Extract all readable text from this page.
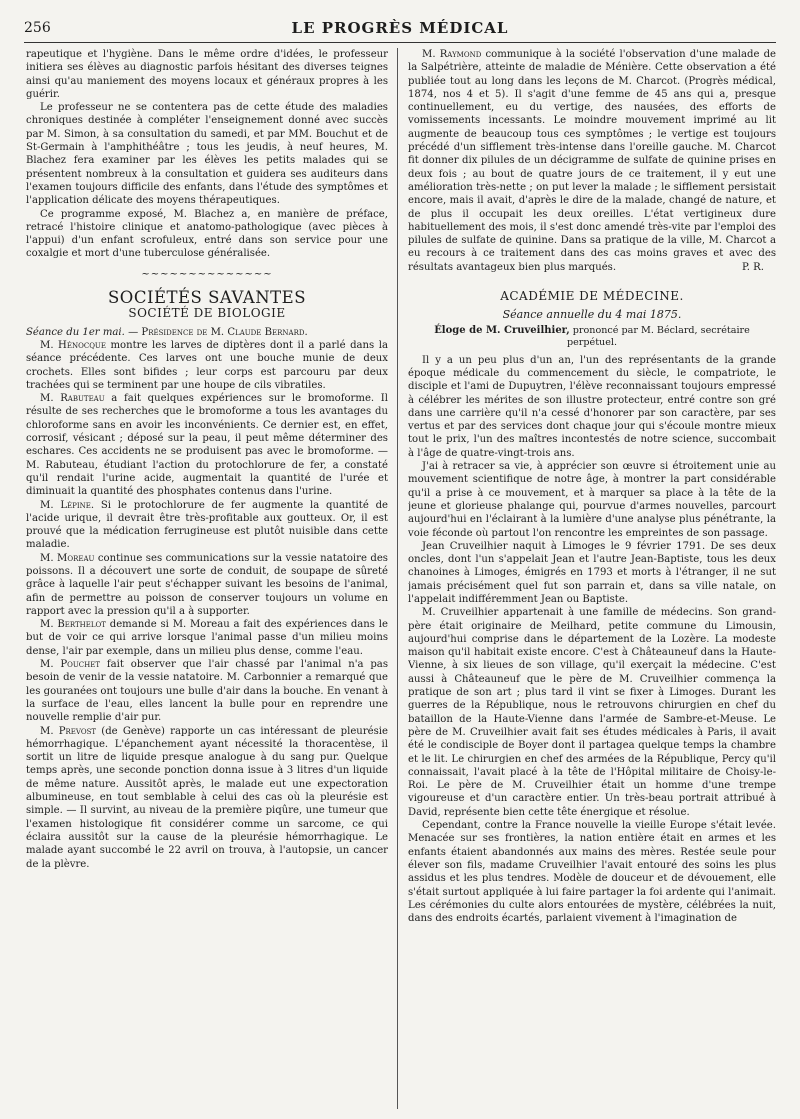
256	LE PROGRÈS MÉDICAL

rapeutique et l'hygiène. Dans le même ordre d'idées, le professeur initiera ses élèves au diagnostic parfois hésitant des diverses teignes ainsi qu'au maniement des moyens locaux et généraux propres à les guérir.

Le professeur ne se contentera pas de cette étude des maladies chroniques destinée à compléter l'enseignement donné avec succès par M. Simon, à sa consultation du samedi, et par MM. Bouchut et de St-Germain à l'amphithéâtre ; tous les jeudis, à neuf heures, M. Blachez fera examiner par les élèves les petits malades qui se présentent nombreux à la consultation et guidera ses auditeurs dans l'examen toujours difficile des enfants, dans l'étude des symptômes et l'application délicate des moyens thérapeutiques.

Ce programme exposé, M. Blachez a, en manière de préface, retracé l'histoire clinique et anatomo-pathologique (avec pièces à l'appui) d'un enfant scrofuleux, entré dans son service pour une coxalgie et mort d'une tuberculose généralisée.

~~~~~~~~~~~~~~
SOCIÉTÉS SAVANTES
SOCIÉTÉ DE BIOLOGIE

Séance du 1er mai. — Présidence de M. Claude Bernard.

M. Hénocque montre les larves de diptères dont il a parlé dans la séance précédente. Ces larves ont une bouche munie de deux crochets. Elles sont bifides ; leur corps est parcouru par deux trachées qui se terminent par une houpe de cils vibratiles.

M. Rabuteau a fait quelques expériences sur le bromoforme. Il résulte de ses recherches que le bromoforme a tous les avantages du chloroforme sans en avoir les inconvénients. Ce dernier est, en effet, corrosif, vésicant ; déposé sur la peau, il peut même déterminer des eschares. Ces accidents ne se produisent pas avec le bromoforme. — M. Rabuteau, étudiant l'action du protochlorure de fer, a constaté qu'il rendait l'urine acide, augmentait la quantité de l'urée et diminuait la quantité des phosphates contenus dans l'urine.

M. Lépine. Si le protochlorure de fer augmente la quantité de l'acide urique, il devrait être très-profitable aux goutteux. Or, il est prouvé que la médication ferrugineuse est plutôt nuisible dans cette maladie.

M. Moreau continue ses communications sur la vessie natatoire des poissons. Il a découvert une sorte de conduit, de soupape de sûreté grâce à laquelle l'air peut s'échapper suivant les besoins de l'animal, afin de permettre au poisson de conserver toujours un volume en rapport avec la pression qu'il a à supporter.

M. Berthelot demande si M. Moreau a fait des expériences dans le but de voir ce qui arrive lorsque l'animal passe d'un milieu moins dense, l'air par exemple, dans un milieu plus dense, comme l'eau.

M. Pouchet fait observer que l'air chassé par l'animal n'a pas besoin de venir de la vessie natatoire. M. Carbonnier a remarqué que les gouranées ont toujours une bulle d'air dans la bouche. En venant à la surface de l'eau, elles lancent la bulle pour en reprendre une nouvelle remplie d'air pur.

M. Prevost (de Genève) rapporte un cas intéressant de pleurésie hémorrhagique. L'épanchement ayant nécessité la thoracentèse, il sortit un litre de liquide presque analogue à du sang pur. Quelque temps après, une seconde ponction donna issue à 3 litres d'un liquide de même nature. Aussitôt après, le malade eut une expectoration albumineuse, en tout semblable à celui des cas où la pleurésie est simple. — Il survint, au niveau de la première piqûre, une tumeur que l'examen histologique fit considérer comme un sarcome, ce qui éclaira aussitôt sur la cause de la pleurésie hémorrhagique. Le malade ayant succombé le 22 avril on trouva, à l'autopsie, un cancer de la plèvre.

M. Raymond communique à la société l'observation d'une malade de la Salpétrière, atteinte de maladie de Ménière. Cette observation a été publiée tout au long dans les leçons de M. Charcot. (Progrès médical, 1874, nos 4 et 5). Il s'agit d'une femme de 45 ans qui a, presque continuellement, eu du vertige, des nausées, des efforts de vomissements incessants. Le moindre mouvement imprimé au lit augmente de beaucoup tous ces symptômes ; le vertige est toujours précédé d'un sifflement très-intense dans l'oreille gauche. M. Charcot fit donner dix pilules de un décigramme de sulfate de quinine prises en deux fois ; au bout de quatre jours de ce traitement, il y eut une amélioration très-nette ; on put lever la malade ; le sifflement persistait encore, mais il avait, d'après le dire de la malade, changé de nature, et de plus il occupait les deux oreilles. L'état vertigineux dure habituellement des mois, il s'est donc amendé très-vite par l'emploi des pilules de sulfate de quinine. Dans sa pratique de la ville, M. Charcot a eu recours à ce traitement dans des cas moins graves et avec des résultats avantageux bien plus marqués.	P. R.

ACADÉMIE DE MÉDECINE.
Séance annuelle du 4 mai 1875.

Éloge de M. Cruveilhier, prononcé par M. Béclard, secrétaire perpétuel.

Il y a un peu plus d'un an, l'un des représentants de la grande époque médicale du commencement du siècle, le compatriote, le disciple et l'ami de Dupuytren, l'élève reconnaissant toujours empressé à célébrer les mérites de son illustre protecteur, entré contre son gré dans une carrière qu'il n'a cessé d'honorer par son caractère, par ses vertus et par des services dont chaque jour qui s'écoule montre mieux tout le prix, l'un des maîtres incontestés de notre science, succombait à l'âge de quatre-vingt-trois ans.

J'ai à retracer sa vie, à apprécier son œuvre si étroitement unie au mouvement scientifique de notre âge, à montrer la part considérable qu'il a prise à ce mouvement, et à marquer sa place à la tête de la jeune et glorieuse phalange qui, pourvue d'armes nouvelles, parcourt aujourd'hui en l'éclairant à la lumière d'une analyse plus pénétrante, la voie féconde où partout l'on rencontre les empreintes de son passage.

Jean Cruveilhier naquit à Limoges le 9 février 1791. De ses deux oncles, dont l'un s'appelait Jean et l'autre Jean-Baptiste, tous les deux chanoines à Limoges, émigrés en 1793 et morts à l'étranger, il ne sut jamais précisément quel fut son parrain et, dans sa ville natale, on l'appelait indifféremment Jean ou Baptiste.

M. Cruveilhier appartenait à une famille de médecins. Son grand-père était originaire de Meilhard, petite commune du Limousin, aujourd'hui comprise dans le département de la Lozère. La modeste maison qu'il habitait existe encore. C'est à Châteauneuf dans la Haute-Vienne, à six lieues de son village, qu'il exerçait la médecine. C'est aussi à Châteauneuf que le père de M. Cruveilhier commença la pratique de son art ; plus tard il vint se fixer à Limoges. Durant les guerres de la République, nous le retrouvons chirurgien en chef du bataillon de la Haute-Vienne dans l'armée de Sambre-et-Meuse. Le père de M. Cruveilhier avait fait ses études médicales à Paris, il avait été le condisciple de Boyer dont il partagea quelque temps la chambre et le lit. Le chirurgien en chef des armées de la République, Percy qu'il connaissait, l'avait placé à la tête de l'Hôpital militaire de Choisy-le-Roi. Le père de M. Cruveilhier était un homme d'une trempe vigoureuse et d'un caractère entier. Un très-beau portrait attribué à David, représente bien cette tête énergique et résolue.

Cependant, contre la France nouvelle la vieille Europe s'était levée. Menacée sur ses frontières, la nation entière était en armes et les enfants étaient abandonnés aux mains des mères. Restée seule pour élever son fils, madame Cruveilhier l'avait entouré des soins les plus assidus et les plus tendres. Modèle de douceur et de dévouement, elle s'était surtout appliquée à lui faire partager la foi ardente qui l'animait. Les cérémonies du culte alors entourées de mystère, célébrées la nuit, dans des endroits écartés, parlaient vivement à l'imagination de
